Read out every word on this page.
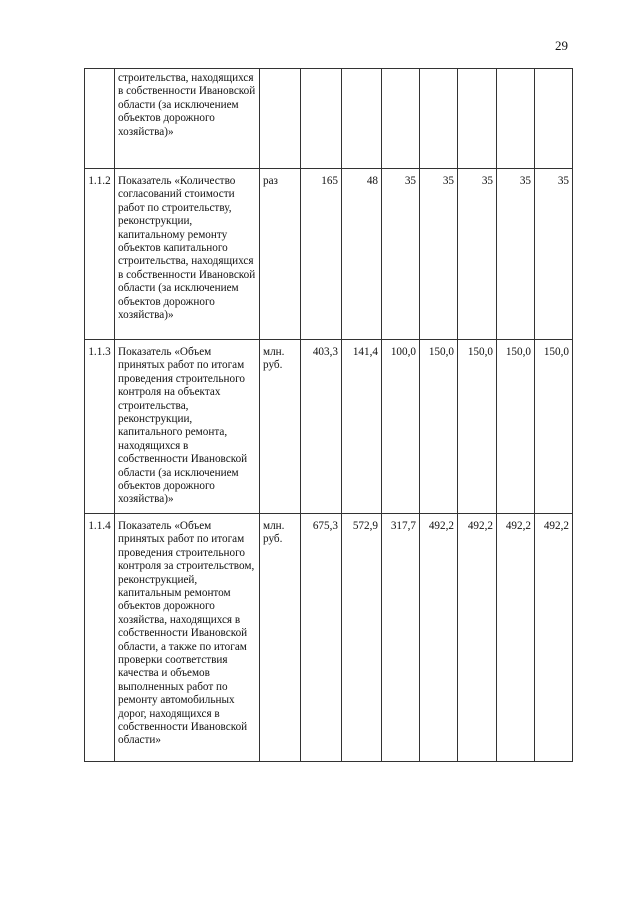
29
	строительства, находящихся в собственности Ивановской области (за исключением объектов дорожного хозяйства)»								
1.1.2	Показатель «Количество согласований стоимости работ по строительству, реконструкции, капитальному ремонту объектов капитального строительства, находящихся в собственности Ивановской области (за исключением объектов дорожного хозяйства)»	раз	165	48	35	35	35	35	35
1.1.3	Показатель «Объем принятых работ по итогам проведения строительного контроля на объектах строительства, реконструкции, капитального ремонта, находящихся в собственности Ивановской области (за исключением объектов дорожного хозяйства)»	млн. руб.	403,3	141,4	100,0	150,0	150,0	150,0	150,0
1.1.4	Показатель «Объем принятых работ по итогам проведения строительного контроля за строительством, реконструкцией, капитальным ремонтом объектов дорожного хозяйства, находящихся в собственности Ивановской области, а также по итогам проверки соответствия качества и объемов выполненных работ по ремонту автомобильных дорог, находящихся в собственности Ивановской области»	млн. руб.	675,3	572,9	317,7	492,2	492,2	492,2	492,2
